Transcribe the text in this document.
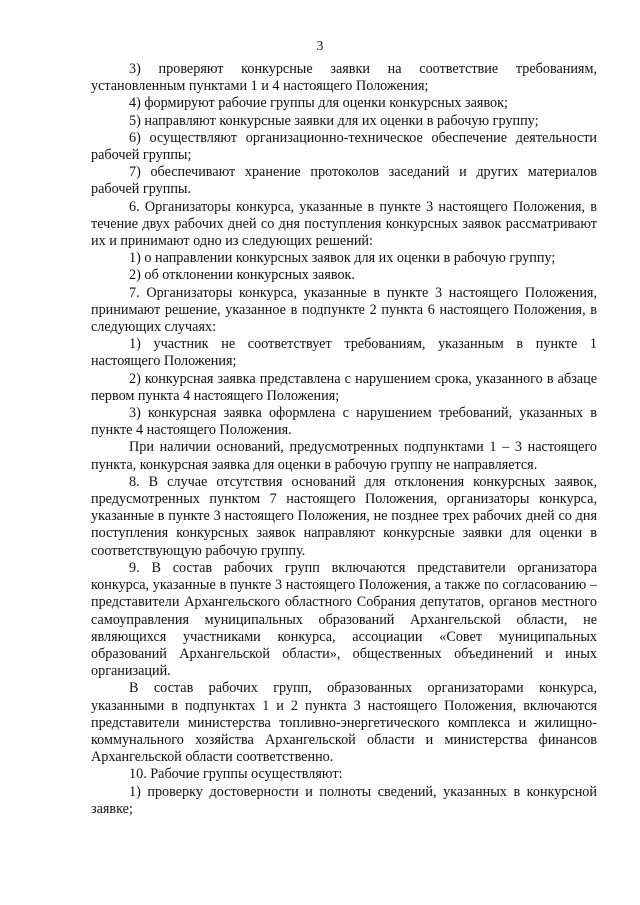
3

3) проверяют конкурсные заявки на соответствие требованиям, установленным пунктами 1 и 4 настоящего Положения;

4) формируют рабочие группы для оценки конкурсных заявок;

5) направляют конкурсные заявки для их оценки в рабочую группу;

6) осуществляют организационно-техническое обеспечение деятельности рабочей группы;

7) обеспечивают хранение протоколов заседаний и других материалов рабочей группы.

6. Организаторы конкурса, указанные в пункте 3 настоящего Положения, в течение двух рабочих дней со дня поступления конкурсных заявок рассматривают их и принимают одно из следующих решений:

1) о направлении конкурсных заявок для их оценки в рабочую группу;

2) об отклонении конкурсных заявок.

7. Организаторы конкурса, указанные в пункте 3 настоящего Положения, принимают решение, указанное в подпункте 2 пункта 6 настоящего Положения, в следующих случаях:

1) участник не соответствует требованиям, указанным в пункте 1 настоящего Положения;

2) конкурсная заявка представлена с нарушением срока, указанного в абзаце первом пункта 4 настоящего Положения;

3) конкурсная заявка оформлена с нарушением требований, указанных в пункте 4 настоящего Положения.

При наличии оснований, предусмотренных подпунктами 1 – 3 настоящего пункта, конкурсная заявка для оценки в рабочую группу не направляется.

8. В случае отсутствия оснований для отклонения конкурсных заявок, предусмотренных пунктом 7 настоящего Положения, организаторы конкурса, указанные в пункте 3 настоящего Положения, не позднее трех рабочих дней со дня поступления конкурсных заявок направляют конкурсные заявки для оценки в соответствующую рабочую группу.

9. В состав рабочих групп включаются представители организатора конкурса, указанные в пункте 3 настоящего Положения, а также по согласованию – представители Архангельского областного Собрания депутатов, органов местного самоуправления муниципальных образований Архангельской области, не являющихся участниками конкурса, ассоциации «Совет муниципальных образований Архангельской области», общественных объединений и иных организаций.

В состав рабочих групп, образованных организаторами конкурса, указанными в подпунктах 1 и 2 пункта 3 настоящего Положения, включаются представители министерства топливно-энергетического комплекса и жилищно-коммунального хозяйства Архангельской области и министерства финансов Архангельской области соответственно.

10. Рабочие группы осуществляют:

1) проверку достоверности и полноты сведений, указанных в конкурсной заявке;
